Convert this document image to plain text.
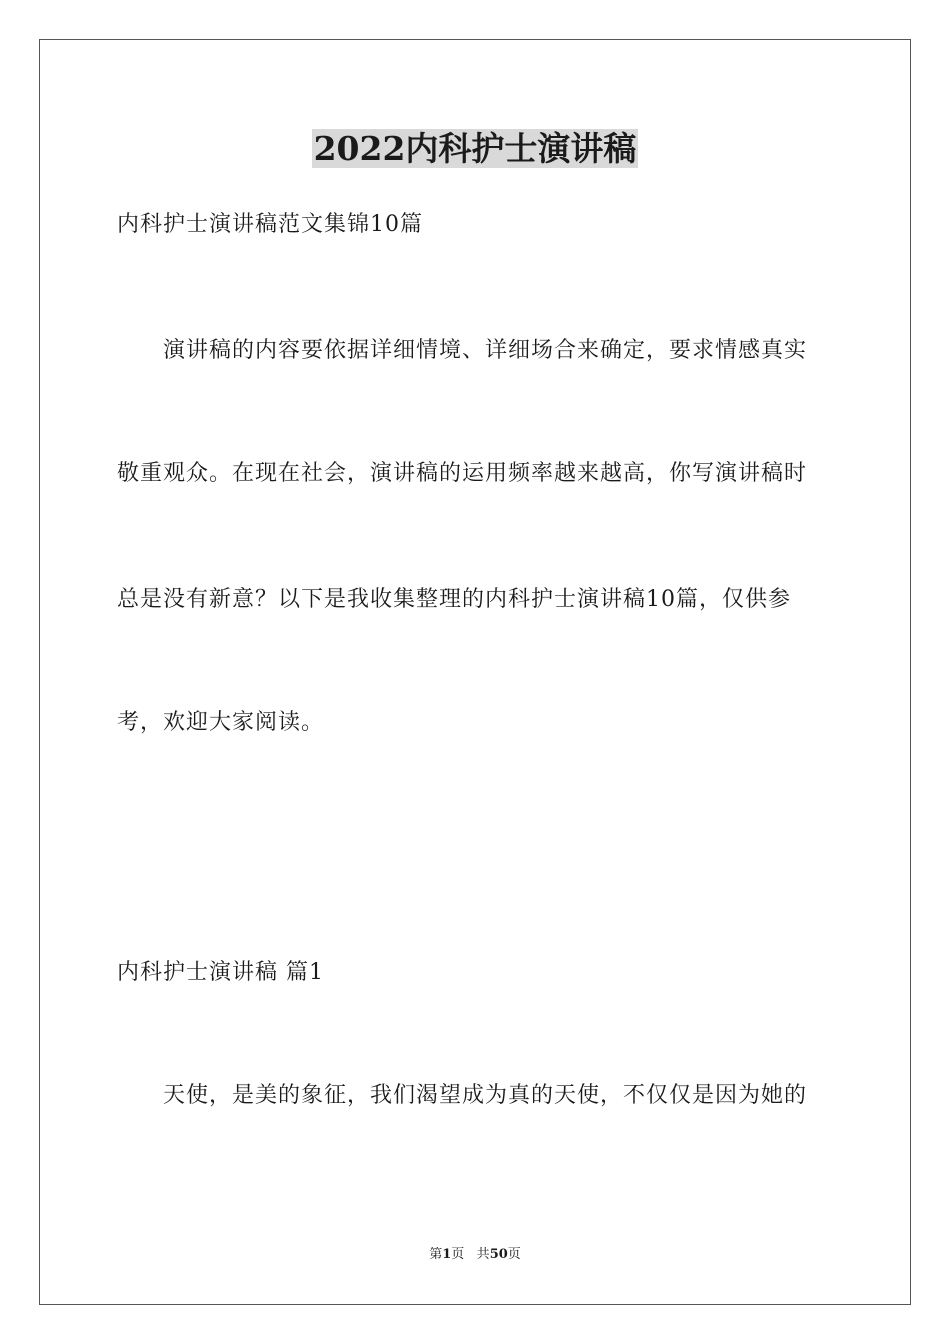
2022内科护士演讲稿
内科护士演讲稿范文集锦10篇
演讲稿的内容要依据详细情境、详细场合来确定，要求情感真实
敬重观众。在现在社会，演讲稿的运用频率越来越高，你写演讲稿时
总是没有新意？以下是我收集整理的内科护士演讲稿10篇，仅供参
考，欢迎大家阅读。
内科护士演讲稿 篇1
天使，是美的象征，我们渴望成为真的天使，不仅仅是因为她的
第1页 共50页
